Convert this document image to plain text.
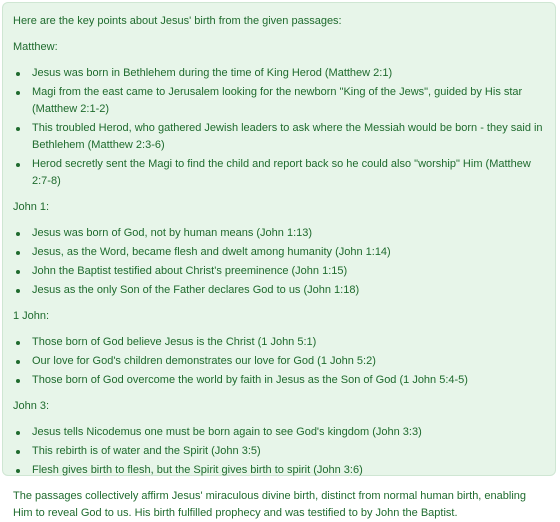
Here are the key points about Jesus' birth from the given passages:

Matthew:

Jesus was born in Bethlehem during the time of King Herod (Matthew 2:1)
Magi from the east came to Jerusalem looking for the newborn "King of the Jews", guided by His star (Matthew 2:1-2)
This troubled Herod, who gathered Jewish leaders to ask where the Messiah would be born - they said in Bethlehem (Matthew 2:3-6)
Herod secretly sent the Magi to find the child and report back so he could also "worship" Him (Matthew 2:7-8)

John 1:

Jesus was born of God, not by human means (John 1:13)
Jesus, as the Word, became flesh and dwelt among humanity (John 1:14)
John the Baptist testified about Christ's preeminence (John 1:15)
Jesus as the only Son of the Father declares God to us (John 1:18)

1 John:

Those born of God believe Jesus is the Christ (1 John 5:1)
Our love for God's children demonstrates our love for God (1 John 5:2)
Those born of God overcome the world by faith in Jesus as the Son of God (1 John 5:4-5)

John 3:

Jesus tells Nicodemus one must be born again to see God's kingdom (John 3:3)
This rebirth is of water and the Spirit (John 3:5)
Flesh gives birth to flesh, but the Spirit gives birth to spirit (John 3:6)

The passages collectively affirm Jesus' miraculous divine birth, distinct from normal human birth, enabling Him to reveal God to us. His birth fulfilled prophecy and was testified to by John the Baptist.
